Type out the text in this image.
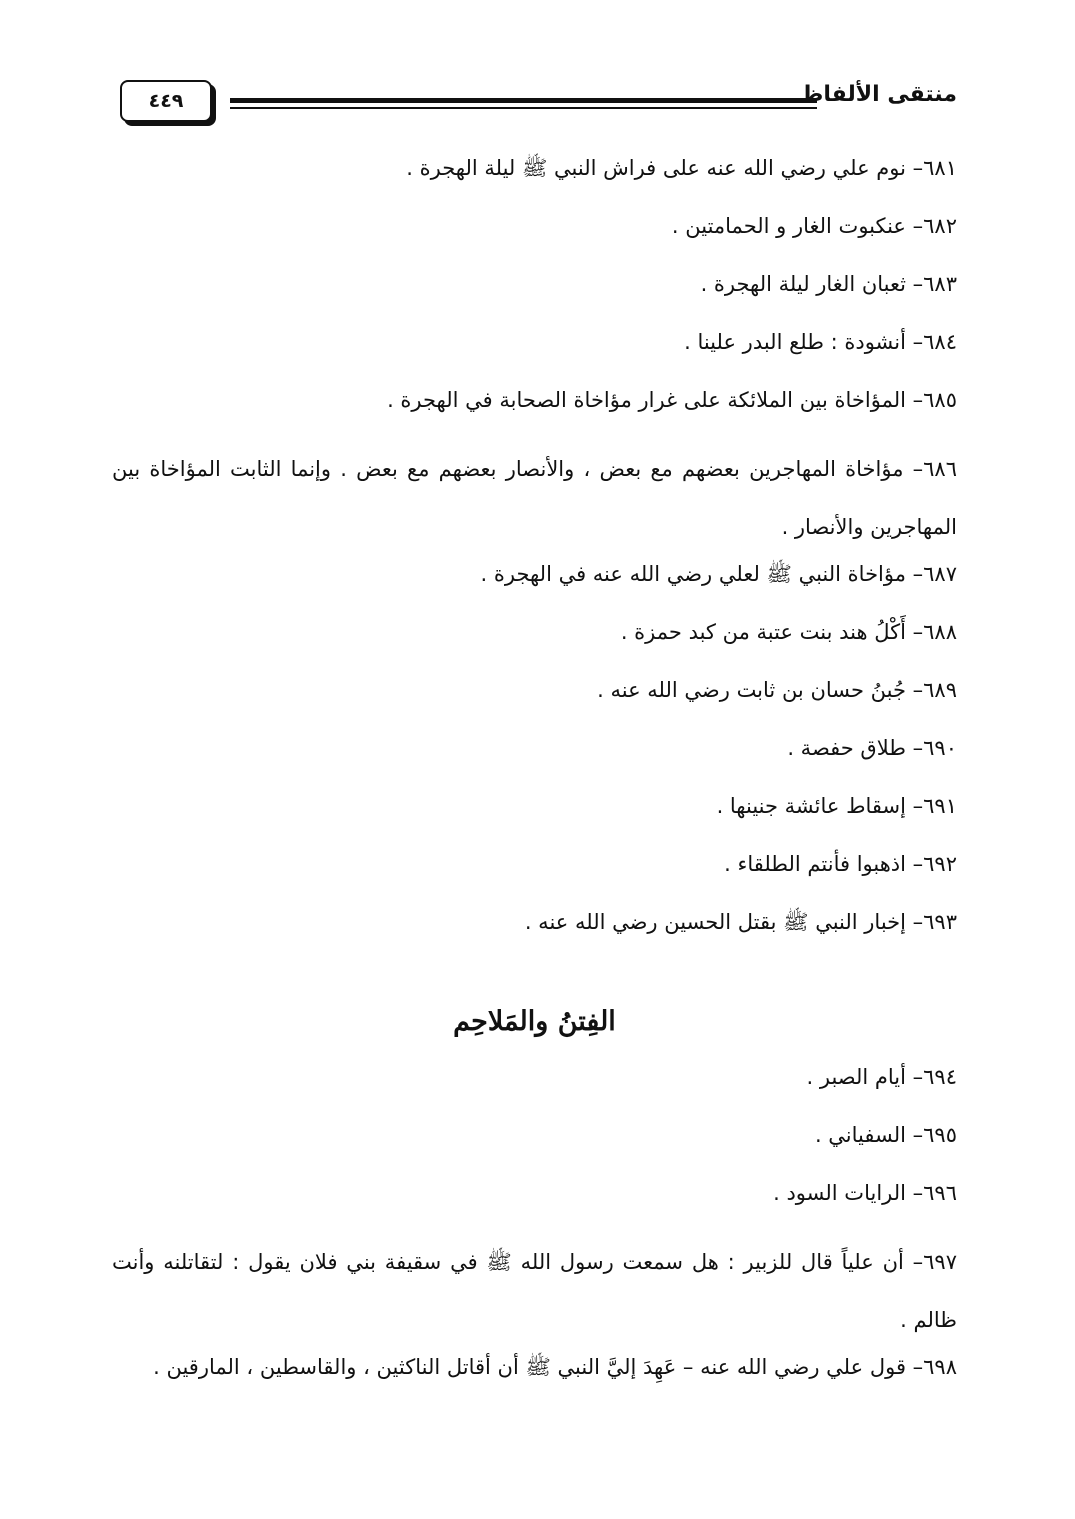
منتقى الألفاظ
٤٤٩
٦٨١– نوم علي رضي الله عنه على فراش النبي ﷺ ليلة الهجرة .
٦٨٢– عنكبوت الغار و الحمامتين .
٦٨٣– ثعبان الغار ليلة الهجرة .
٦٨٤– أنشودة : طلع البدر علينا .
٦٨٥– المؤاخاة بين الملائكة على غرار مؤاخاة الصحابة في الهجرة .
٦٨٦– مؤاخاة المهاجرين بعضهم مع بعض ، والأنصار بعضهم مع بعض . وإنما الثابت المؤاخاة بين المهاجرين والأنصار .
٦٨٧– مؤاخاة النبي ﷺ لعلي رضي الله عنه في الهجرة .
٦٨٨– أَكْلُ هند بنت عتبة من كبد حمزة .
٦٨٩– جُبنُ حسان بن ثابت رضي الله عنه .
٦٩٠– طلاق حفصة .
٦٩١– إسقاط عائشة جنينها .
٦٩٢– اذهبوا فأنتم الطلقاء .
٦٩٣– إخبار النبي ﷺ بقتل الحسين رضي الله عنه .
الفِتنُ والمَلاحِم
٦٩٤– أيام الصبر .
٦٩٥– السفياني .
٦٩٦– الرايات السود .
٦٩٧– أن علياً قال للزبير : هل سمعت رسول الله ﷺ في سقيفة بني فلان يقول : لتقاتلنه وأنت ظالم .
٦٩٨– قول علي رضي الله عنه – عَهِدَ إليَّ النبي ﷺ أن أقاتل الناكثين ، والقاسطين ، المارقين .
